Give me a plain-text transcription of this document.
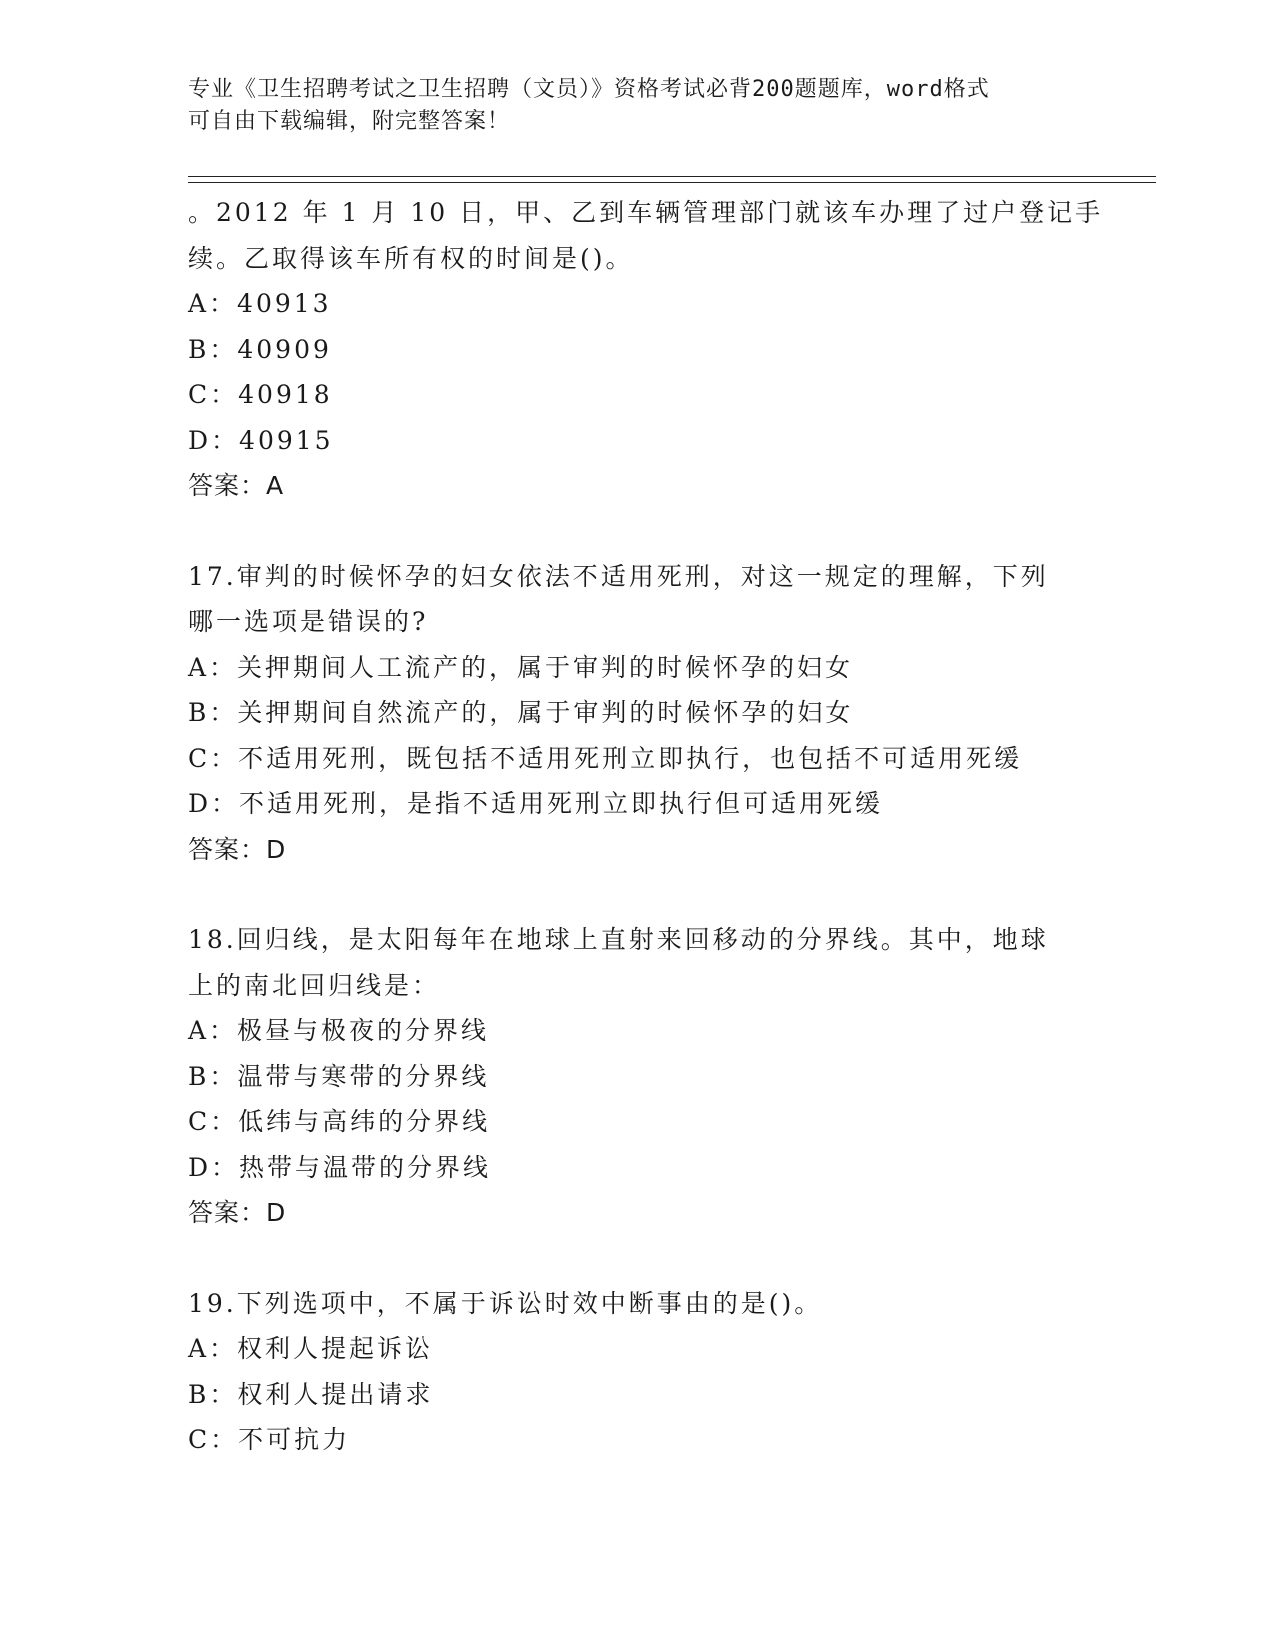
专业《卫生招聘考试之卫生招聘（文员）》资格考试必背200题题库，word格式
可自由下载编辑，附完整答案！
。2012 年 1 月 10 日，甲、乙到车辆管理部门就该车办理了过户登记手
续。乙取得该车所有权的时间是()。
A：40913
B：40909
C：40918
D：40915
答案：A
17.审判的时候怀孕的妇女依法不适用死刑，对这一规定的理解，下列
哪一选项是错误的?
A：关押期间人工流产的，属于审判的时候怀孕的妇女
B：关押期间自然流产的，属于审判的时候怀孕的妇女
C：不适用死刑，既包括不适用死刑立即执行，也包括不可适用死缓
D：不适用死刑，是指不适用死刑立即执行但可适用死缓
答案：D
18.回归线，是太阳每年在地球上直射来回移动的分界线。其中，地球
上的南北回归线是：
A：极昼与极夜的分界线
B：温带与寒带的分界线
C：低纬与高纬的分界线
D：热带与温带的分界线
答案：D
19.下列选项中，不属于诉讼时效中断事由的是()。
A：权利人提起诉讼
B：权利人提出请求
C：不可抗力
